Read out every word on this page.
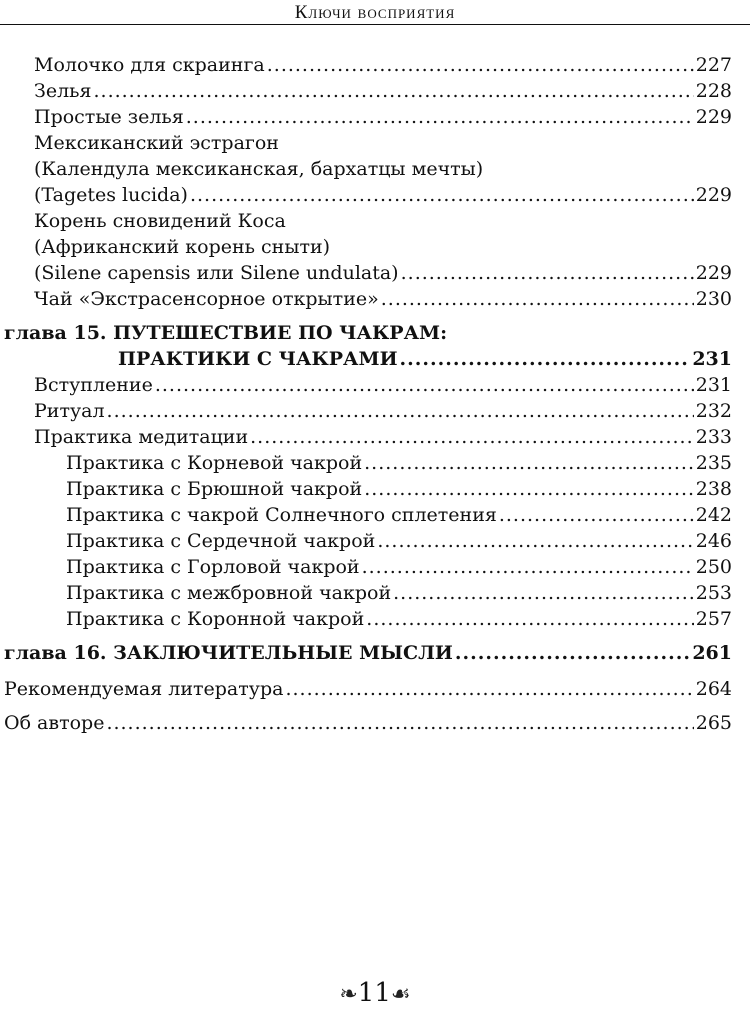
Ключи восприятия
Молочко для скраинга .....	227
Зелья .....	228
Простые зелья .....	229
Мексиканский эстрагон
(Календула мексиканская, бархатцы мечты)
(Tagetes lucida) .....	229
Корень сновидений Коса
(Африканский корень сныти)
(Silene capensis или Silene undulata) .....	229
Чай «Экстрасенсорное открытие» .....	230
глава 15. ПУТЕШЕСТВИЕ ПО ЧАКРАМ:
ПРАКТИКИ С ЧАКРАМИ .....	231
Вступление .....	231
Ритуал .....	232
Практика медитации .....	233
Практика с Корневой чакрой .....	235
Практика с Брюшной чакрой .....	238
Практика с чакрой Солнечного сплетения .....	242
Практика с Сердечной чакрой .....	246
Практика с Горловой чакрой .....	250
Практика с межбровной чакрой .....	253
Практика с Коронной чакрой .....	257
глава 16. ЗАКЛЮЧИТЕЛЬНЫЕ МЫСЛИ .....	261
Рекомендуемая литература .....	264
Об авторе .....	265
❧11☙
